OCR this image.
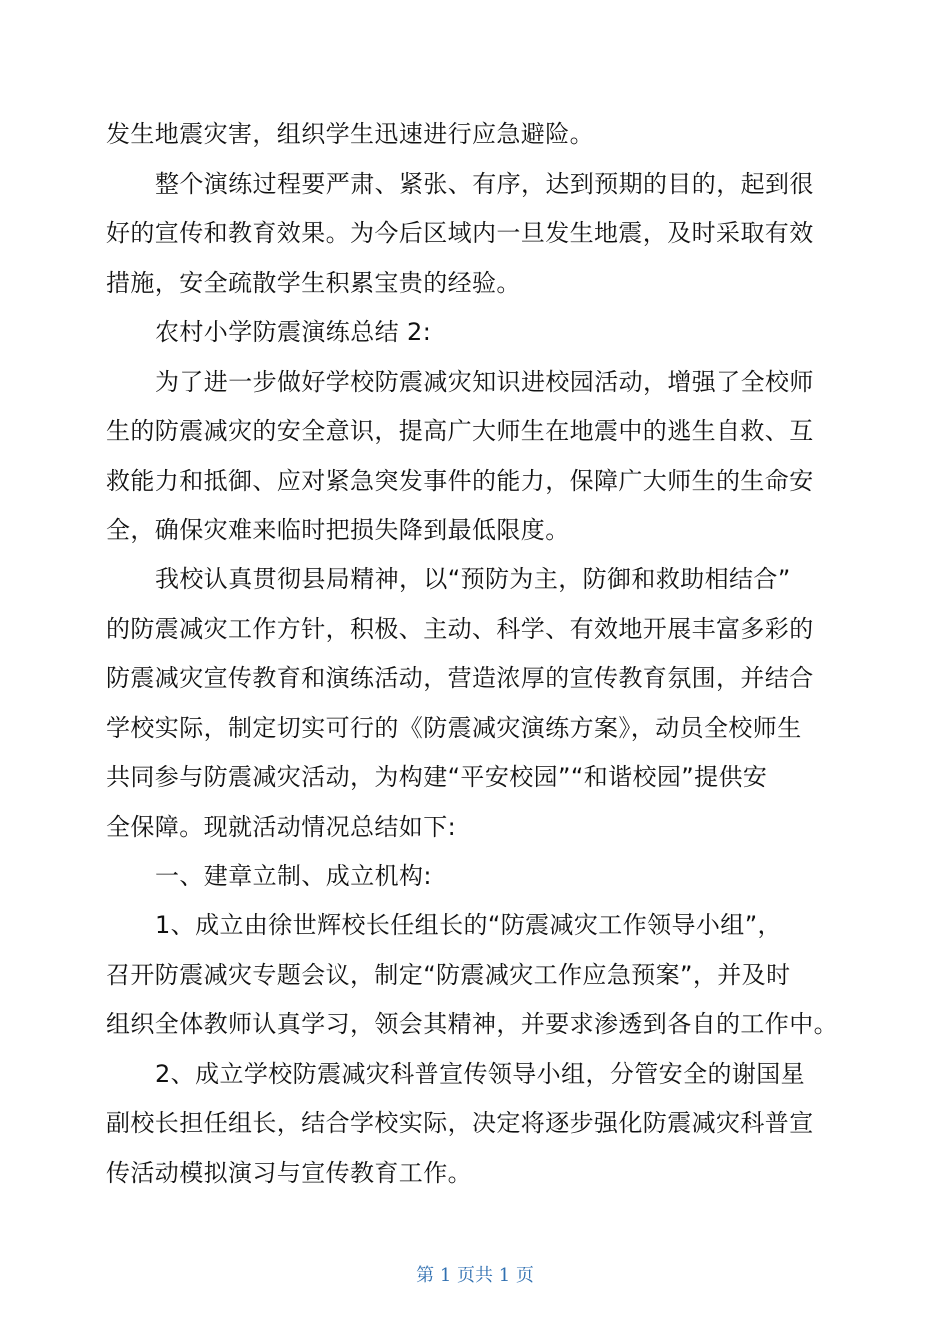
发生地震灾害，组织学生迅速进行应急避险。

整个演练过程要严肃、紧张、有序，达到预期的目的，起到很

好的宣传和教育效果。为今后区域内一旦发生地震，及时采取有效

措施，安全疏散学生积累宝贵的经验。

农村小学防震演练总结 2:

为了进一步做好学校防震减灾知识进校园活动，增强了全校师

生的防震减灾的安全意识，提高广大师生在地震中的逃生自救、互

救能力和抵御、应对紧急突发事件的能力，保障广大师生的生命安

全，确保灾难来临时把损失降到最低限度。

我校认真贯彻县局精神，以“预防为主，防御和救助相结合”

的防震减灾工作方针，积极、主动、科学、有效地开展丰富多彩的

防震减灾宣传教育和演练活动，营造浓厚的宣传教育氛围，并结合

学校实际，制定切实可行的《防震减灾演练方案》，动员全校师生

共同参与防震减灾活动，为构建“平安校园”“和谐校园”提供安

全保障。现就活动情况总结如下:

一、建章立制、成立机构:

1、成立由徐世辉校长任组长的“防震减灾工作领导小组”，

召开防震减灾专题会议，制定“防震减灾工作应急预案”，并及时

组织全体教师认真学习，领会其精神，并要求渗透到各自的工作中。

2、成立学校防震减灾科普宣传领导小组，分管安全的谢国星

副校长担任组长，结合学校实际，决定将逐步强化防震减灾科普宣

传活动模拟演习与宣传教育工作。

第 1 页共 1 页
